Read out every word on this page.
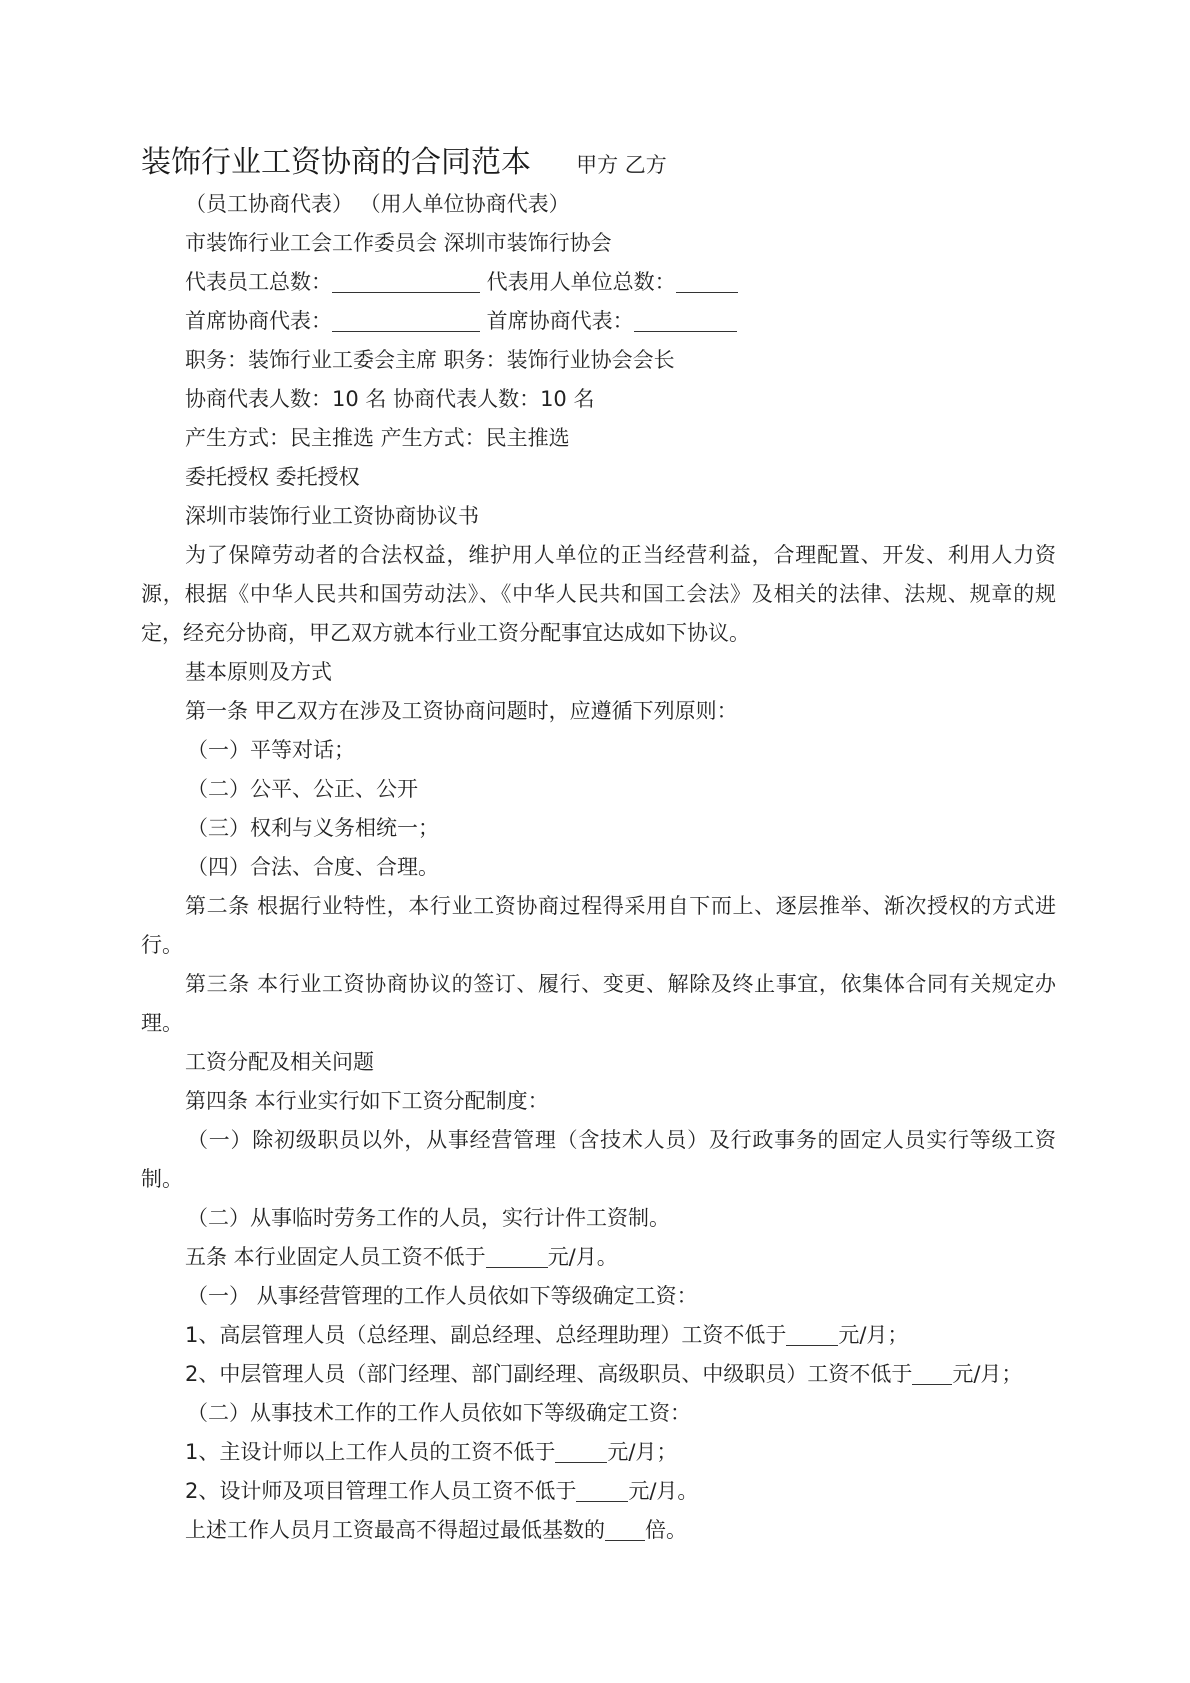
装饰行业工资协商的合同范本 甲方 乙方

（员工协商代表） （用人单位协商代表）

市装饰行业工会工作委员会 深圳市装饰行协会

代表员工总数：	代表用人单位总数：

首席协商代表：	首席协商代表：

职务：装饰行业工委会主席 职务：装饰行业协会会长

协商代表人数：10 名 协商代表人数：10 名

产生方式：民主推选 产生方式：民主推选

委托授权 委托授权

深圳市装饰行业工资协商协议书

为了保障劳动者的合法权益，维护用人单位的正当经营利益，合理配置、开发、利用人力资源，根据《中华人民共和国劳动法》、《中华人民共和国工会法》及相关的法律、法规、规章的规定，经充分协商，甲乙双方就本行业工资分配事宜达成如下协议。

基本原则及方式

第一条 甲乙双方在涉及工资协商问题时，应遵循下列原则：

（一）平等对话；

（二）公平、公正、公开

（三）权利与义务相统一；

（四）合法、合度、合理。

第二条 根据行业特性，本行业工资协商过程得采用自下而上、逐层推举、渐次授权的方式进行。

第三条 本行业工资协商协议的签订、履行、变更、解除及终止事宜，依集体合同有关规定办理。

工资分配及相关问题

第四条 本行业实行如下工资分配制度：

（一）除初级职员以外，从事经营管理（含技术人员）及行政事务的固定人员实行等级工资制。

（二）从事临时劳务工作的人员，实行计件工资制。

五条 本行业固定人员工资不低于	元/月。

（一） 从事经营管理的工作人员依如下等级确定工资：

1、高层管理人员（总经理、副总经理、总经理助理）工资不低于 元/月；

2、中层管理人员（部门经理、部门副经理、高级职员、中级职员）工资不低于 元/月；

（二）从事技术工作的工作人员依如下等级确定工资：

1、主设计师以上工作人员的工资不低于 元/月；

2、设计师及项目管理工作人员工资不低于 元/月。

上述工作人员月工资最高不得超过最低基数的 倍。
